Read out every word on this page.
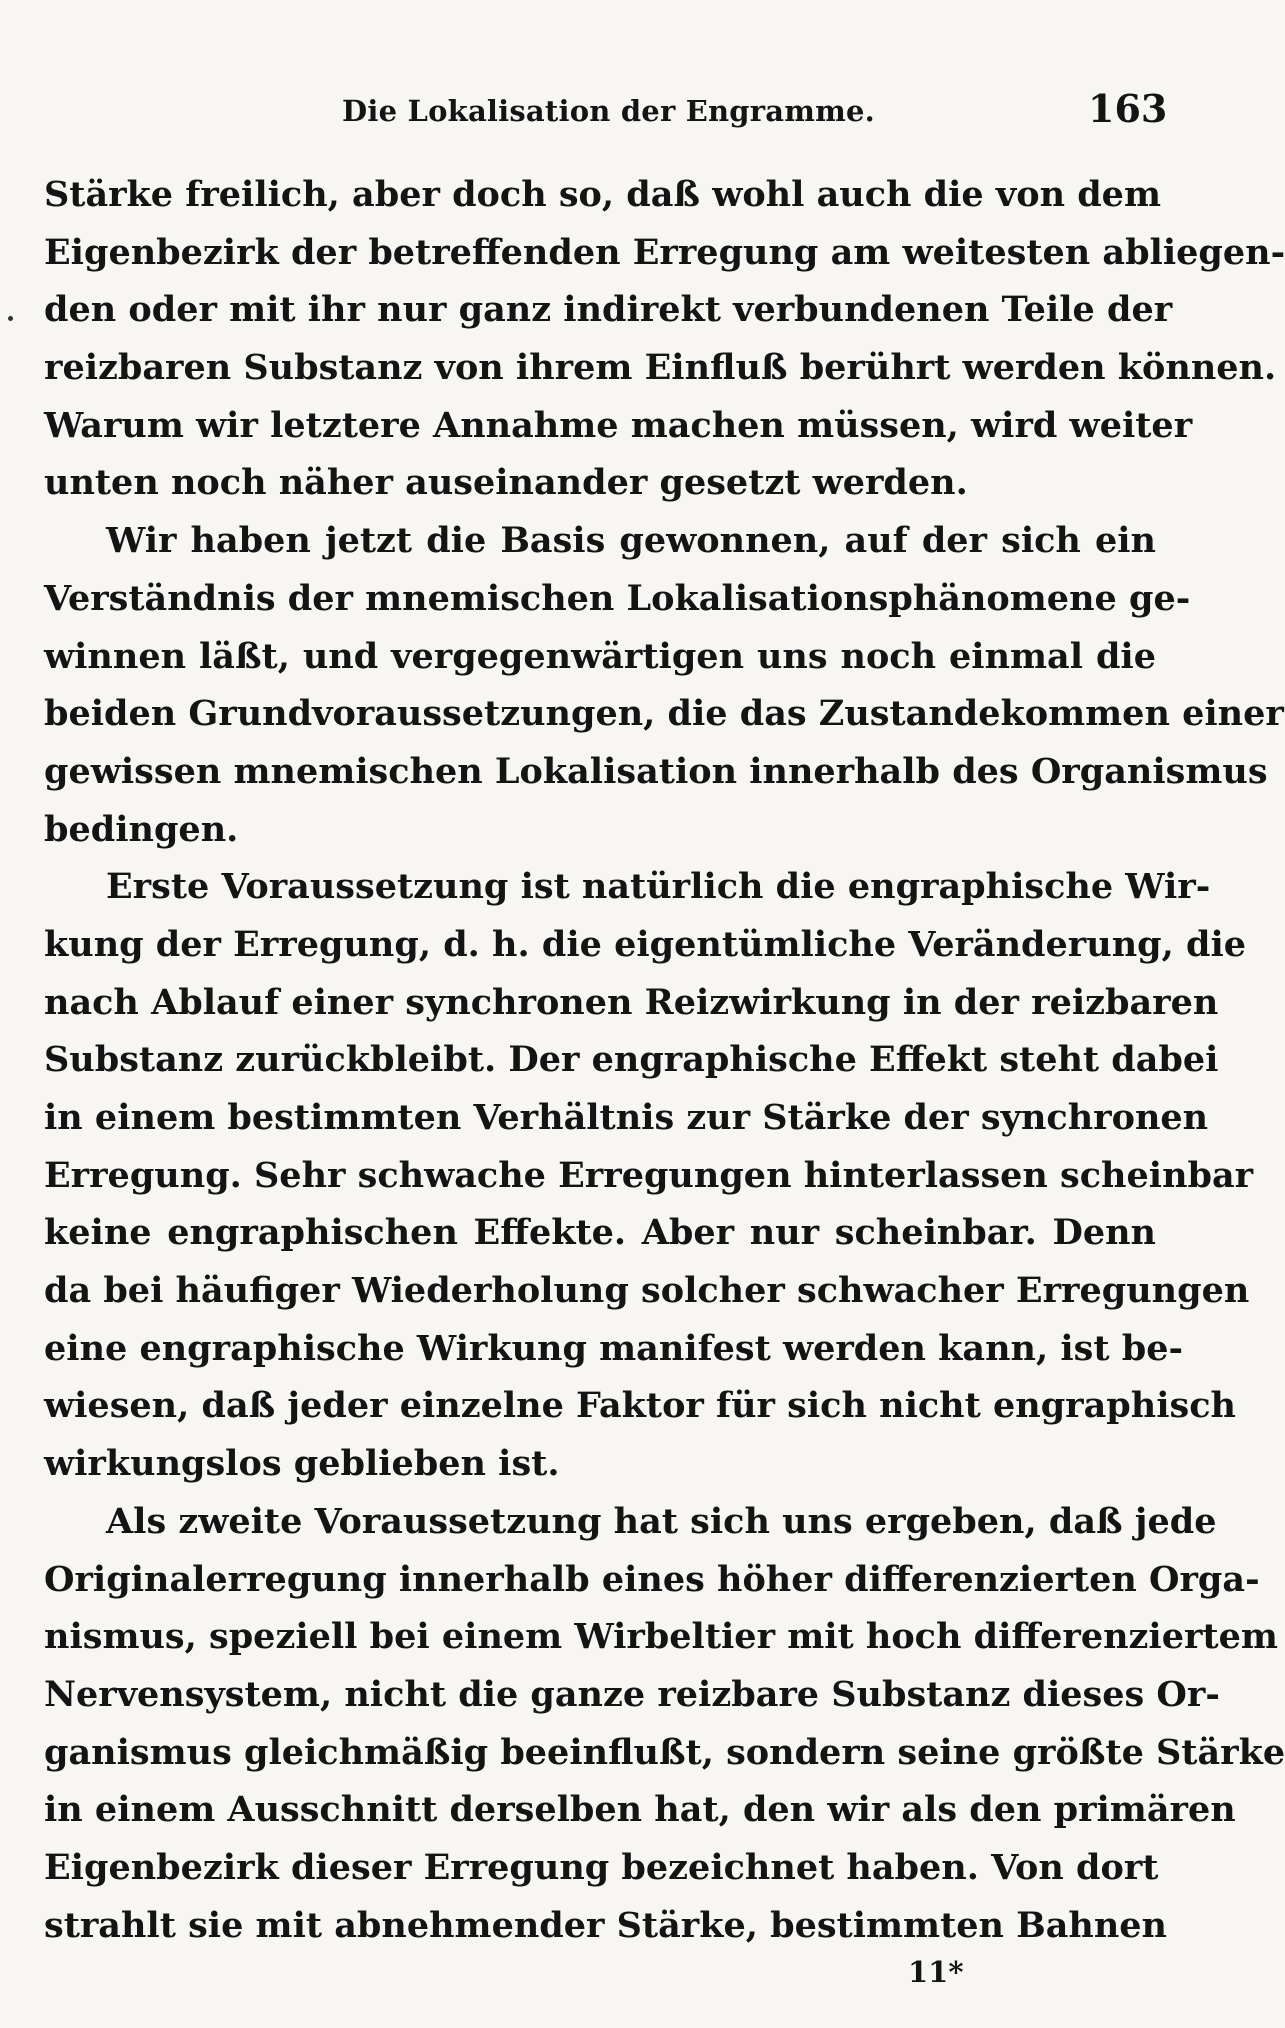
Die Lokalisation der Engramme.	163
Stärke freilich, aber doch so, daß wohl auch die von dem
Eigenbezirk der betreffenden Erregung am weitesten abliegen-
den oder mit ihr nur ganz indirekt verbundenen Teile der
reizbaren Substanz von ihrem Einfluß berührt werden können.
Warum wir letztere Annahme machen müssen, wird weiter
unten noch näher auseinander gesetzt werden.
Wir haben jetzt die Basis gewonnen, auf der sich ein
Verständnis der mnemischen Lokalisationsphänomene ge-
winnen läßt, und vergegenwärtigen uns noch einmal die
beiden Grundvoraussetzungen, die das Zustandekommen einer
gewissen mnemischen Lokalisation innerhalb des Organismus
bedingen.
Erste Voraussetzung ist natürlich die engraphische Wir-
kung der Erregung, d. h. die eigentümliche Veränderung, die
nach Ablauf einer synchronen Reizwirkung in der reizbaren
Substanz zurückbleibt. Der engraphische Effekt steht dabei
in einem bestimmten Verhältnis zur Stärke der synchronen
Erregung. Sehr schwache Erregungen hinterlassen scheinbar
keine engraphischen Effekte. Aber nur scheinbar. Denn
da bei häufiger Wiederholung solcher schwacher Erregungen
eine engraphische Wirkung manifest werden kann, ist be-
wiesen, daß jeder einzelne Faktor für sich nicht engraphisch
wirkungslos geblieben ist.
Als zweite Voraussetzung hat sich uns ergeben, daß jede
Originalerregung innerhalb eines höher differenzierten Orga-
nismus, speziell bei einem Wirbeltier mit hoch differenziertem
Nervensystem, nicht die ganze reizbare Substanz dieses Or-
ganismus gleichmäßig beeinflußt, sondern seine größte Stärke
in einem Ausschnitt derselben hat, den wir als den primären
Eigenbezirk dieser Erregung bezeichnet haben. Von dort
strahlt sie mit abnehmender Stärke, bestimmten Bahnen
11*
